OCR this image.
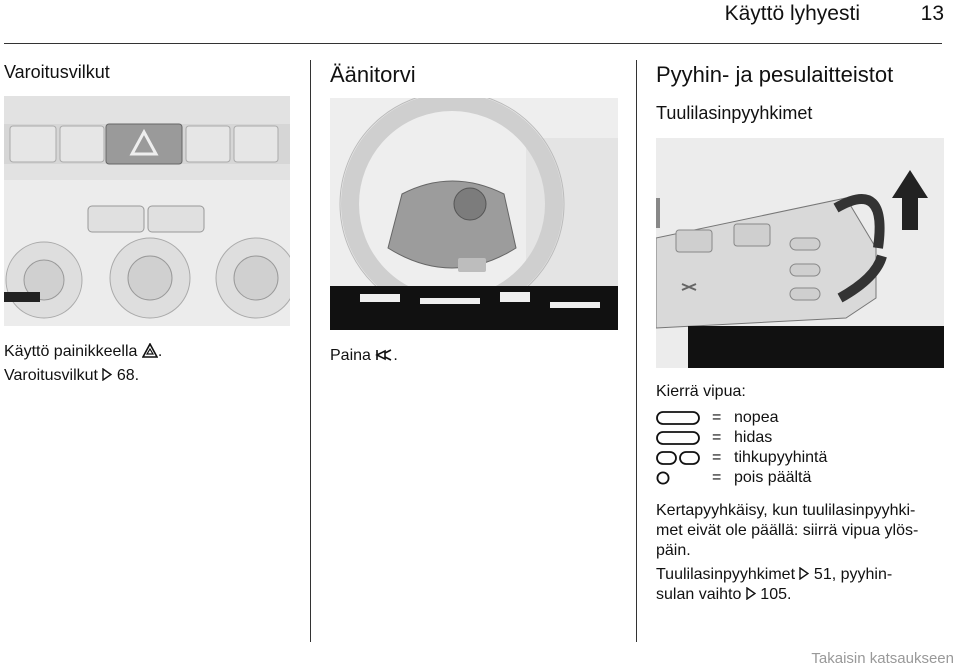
Käyttö lyhyesti	13
Varoitusvilkut
Käyttö painikkeella .
Varoitusvilkut 68.
Äänitorvi
Paina .
Pyyhin- ja pesulaitteistot
Tuulilasinpyyhkimet
Kierrä vipua:
= nopea
= hidas
= tihkupyyhintä
= pois päältä
Kertapyyhkäisy, kun tuulilasinpyyhki-
met eivät ole päällä: siirrä vipua ylös-
päin.
Tuulilasinpyyhkimet 51, pyyhin-
sulan vaihto 105.
Takaisin katsaukseen
